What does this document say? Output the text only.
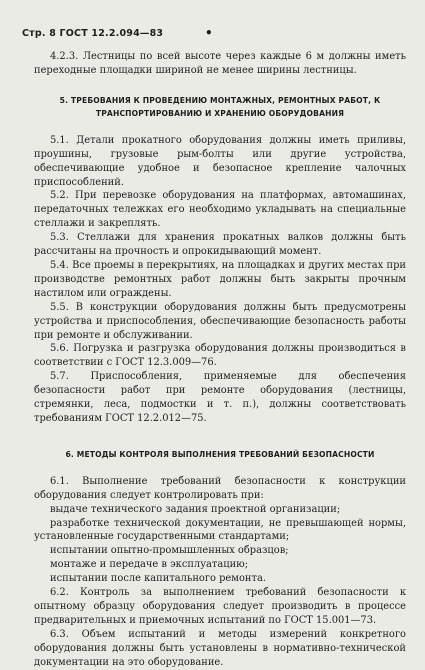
Стр. 8 ГОСТ 12.2.094—83	•

4.2.3. Лестницы по всей высоте через каждые 6 м должны иметь переходные площадки шириной не менее ширины лестницы.

5. ТРЕБОВАНИЯ К ПРОВЕДЕНИЮ МОНТАЖНЫХ, РЕМОНТНЫХ РАБОТ, К ТРАНСПОРТИРОВАНИЮ И ХРАНЕНИЮ ОБОРУДОВАНИЯ

5.1. Детали прокатного оборудования должны иметь приливы, проушины, грузовые рым-болты или другие устройства, обеспечивающие удобное и безопасное крепление чалочных приспособлений.

5.2. При перевозке оборудования на платформах, автомашинах, передаточных тележках его необходимо укладывать на специальные стеллажи и закреплять.

5.3. Стеллажи для хранения прокатных валков должны быть рассчитаны на прочность и опрокидывающий момент.

5.4. Все проемы в перекрытиях, на площадках и других местах при производстве ремонтных работ должны быть закрыты прочным настилом или ограждены.

5.5. В конструкции оборудования должны быть предусмотрены устройства и приспособления, обеспечивающие безопасность работы при ремонте и обслуживании.

5.6. Погрузка и разгрузка оборудования должны производиться в соответствии с ГОСТ 12.3.009—76.

5.7. Приспособления, применяемые для обеспечения безопасности работ при ремонте оборудования (лестницы, стремянки, леса, подмостки и т. п.), должны соответствовать требованиям ГОСТ 12.2.012—75.

6. МЕТОДЫ КОНТРОЛЯ ВЫПОЛНЕНИЯ ТРЕБОВАНИЙ БЕЗОПАСНОСТИ

6.1. Выполнение требований безопасности к конструкции оборудования следует контролировать при:

выдаче технического задания проектной организации;

разработке технической документации, не превышающей нормы, установленные государственными стандартами;

испытании опытно-промышленных образцов;

монтаже и передаче в эксплуатацию;

испытании после капитального ремонта.

6.2. Контроль за выполнением требований безопасности к опытному образцу оборудования следует производить в процессе предварительных и приемочных испытаний по ГОСТ 15.001—73.

6.3. Объем испытаний и методы измерений конкретного оборудования должны быть установлены в нормативно-технической документации на это оборудование.
